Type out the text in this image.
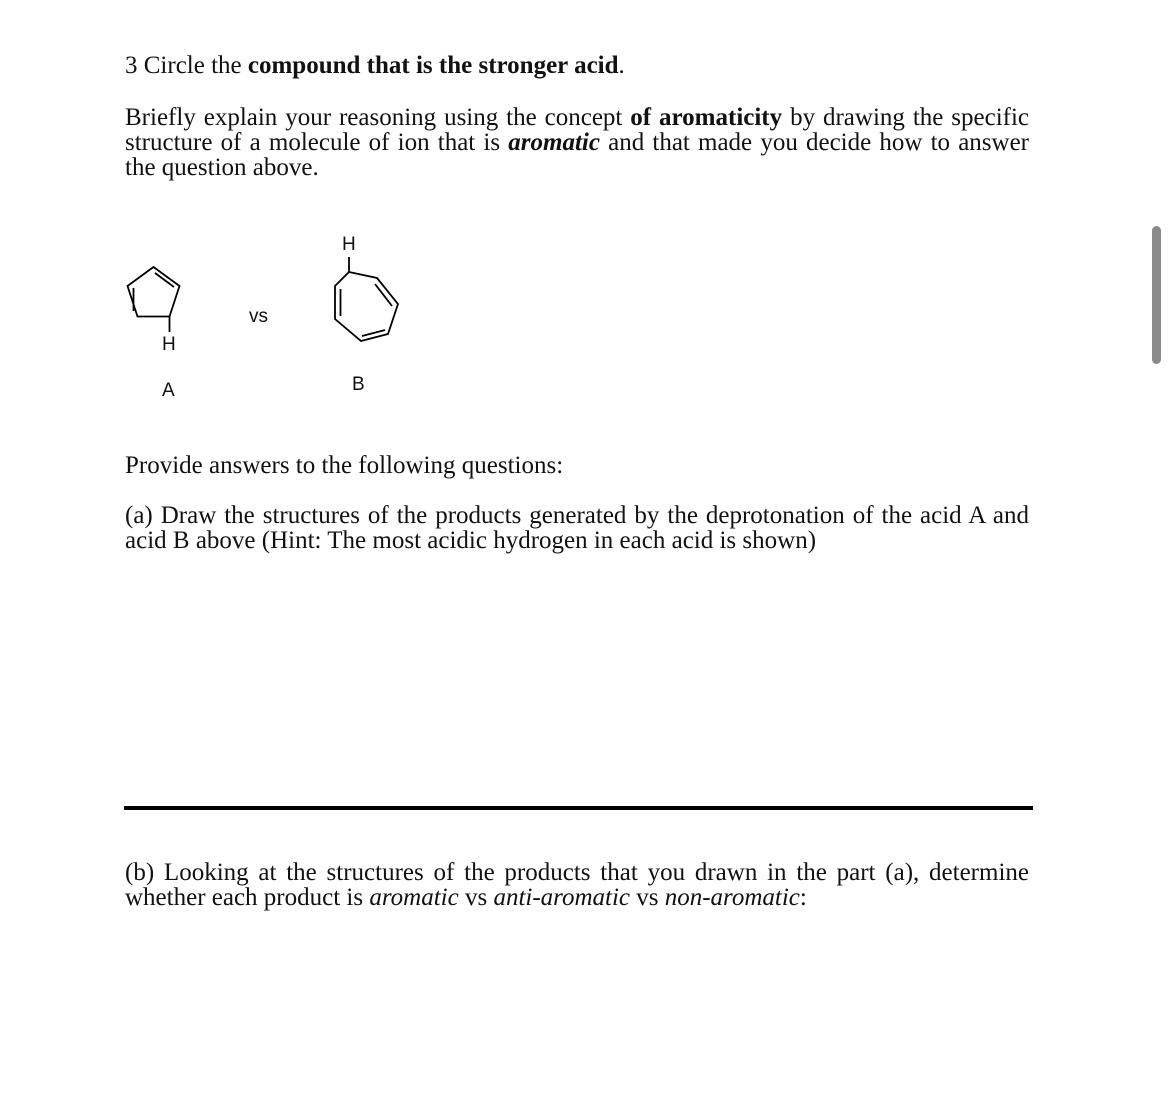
3 Circle the compound that is the stronger acid.
Briefly explain your reasoning using the concept of aromaticity by drawing the specific structure of a molecule of ion that is aromatic and that made you decide how to answer the question above.
H
A
vs
H
B
Provide answers to the following questions:
(a) Draw the structures of the products generated by the deprotonation of the acid A and acid B above (Hint: The most acidic hydrogen in each acid is shown)
(b) Looking at the structures of the products that you drawn in the part (a), determine whether each product is aromatic vs anti-aromatic vs non-aromatic:
